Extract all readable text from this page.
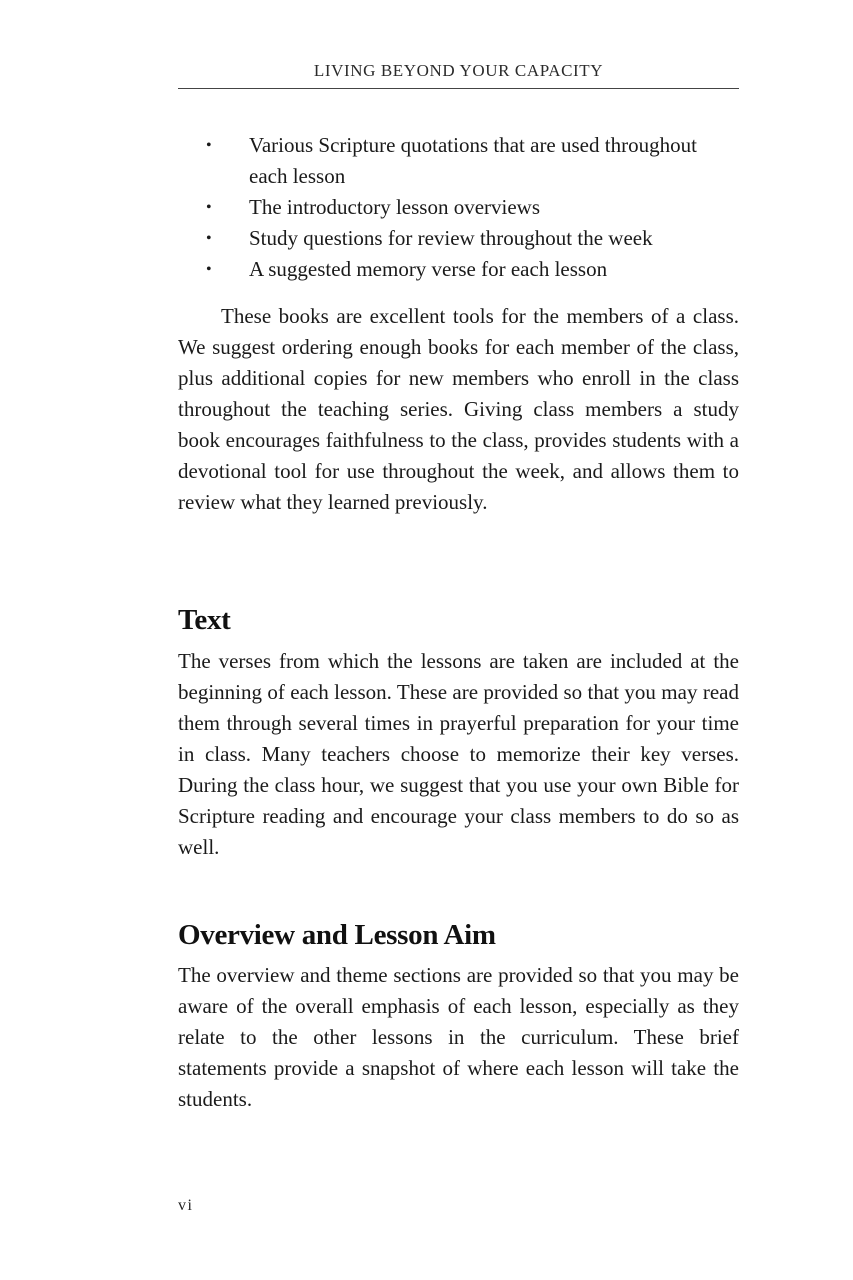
LIVING BEYOND YOUR CAPACITY
• Various Scripture quotations that are used throughout each lesson
• The introductory lesson overviews
• Study questions for review throughout the week
• A suggested memory verse for each lesson

These books are excellent tools for the members of a class. We suggest ordering enough books for each member of the class, plus additional copies for new members who enroll in the class throughout the teaching series. Giving class members a study book encourages faithfulness to the class, provides students with a devotional tool for use throughout the week, and allows them to review what they learned previously.

Text

The verses from which the lessons are taken are included at the beginning of each lesson. These are provided so that you may read them through several times in prayerful preparation for your time in class. Many teachers choose to memorize their key verses. During the class hour, we suggest that you use your own Bible for Scripture reading and encourage your class members to do so as well.

Overview and Lesson Aim

The overview and theme sections are provided so that you may be aware of the overall emphasis of each lesson, especially as they relate to the other lessons in the curriculum. These brief statements provide a snapshot of where each lesson will take the students.

vi
